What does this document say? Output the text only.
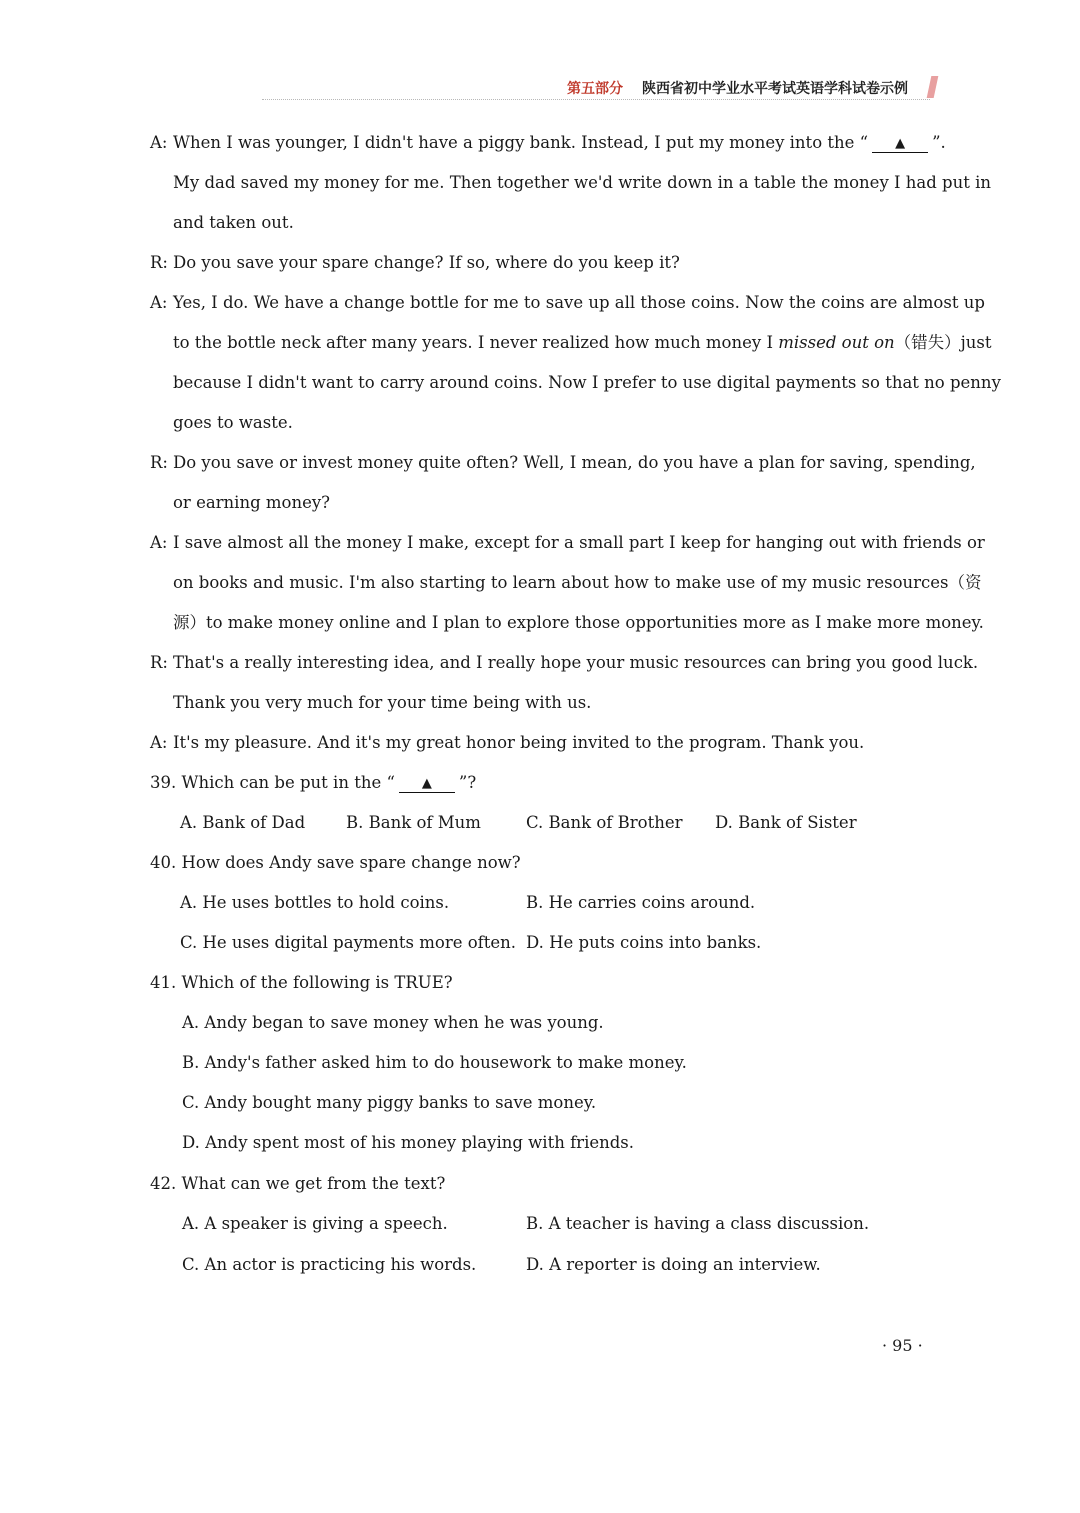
第五部分 陕西省初中学业水平考试英语学科试卷示例
A: When I was younger, I didn't have a piggy bank. Instead, I put my money into the “ ▲ ”.
My dad saved my money for me. Then together we'd write down in a table the money I had put in
and taken out.
R: Do you save your spare change? If so, where do you keep it?
A: Yes, I do. We have a change bottle for me to save up all those coins. Now the coins are almost up
to the bottle neck after many years. I never realized how much money I missed out on（错失）just
because I didn't want to carry around coins. Now I prefer to use digital payments so that no penny
goes to waste.
R: Do you save or invest money quite often? Well, I mean, do you have a plan for saving, spending,
or earning money?
A: I save almost all the money I make, except for a small part I keep for hanging out with friends or
on books and music. I'm also starting to learn about how to make use of my music resources（资
源）to make money online and I plan to explore those opportunities more as I make more money.
R: That's a really interesting idea, and I really hope your music resources can bring you good luck.
Thank you very much for your time being with us.
A: It's my pleasure. And it's my great honor being invited to the program. Thank you.
39. Which can be put in the “ ▲ ”?
A. Bank of Dad B. Bank of Mum	C. Bank of Brother D. Bank of Sister
40. How does Andy save spare change now?
A. He uses bottles to hold coins.	B. He carries coins around.
C. He uses digital payments more often. D. He puts coins into banks.
41. Which of the following is TRUE?
A. Andy began to save money when he was young.
B. Andy's father asked him to do housework to make money.
C. Andy bought many piggy banks to save money.
D. Andy spent most of his money playing with friends.
42. What can we get from the text?
A. A speaker is giving a speech.	B. A teacher is having a class discussion.
C. An actor is practicing his words.	D. A reporter is doing an interview.
· 95 ·
